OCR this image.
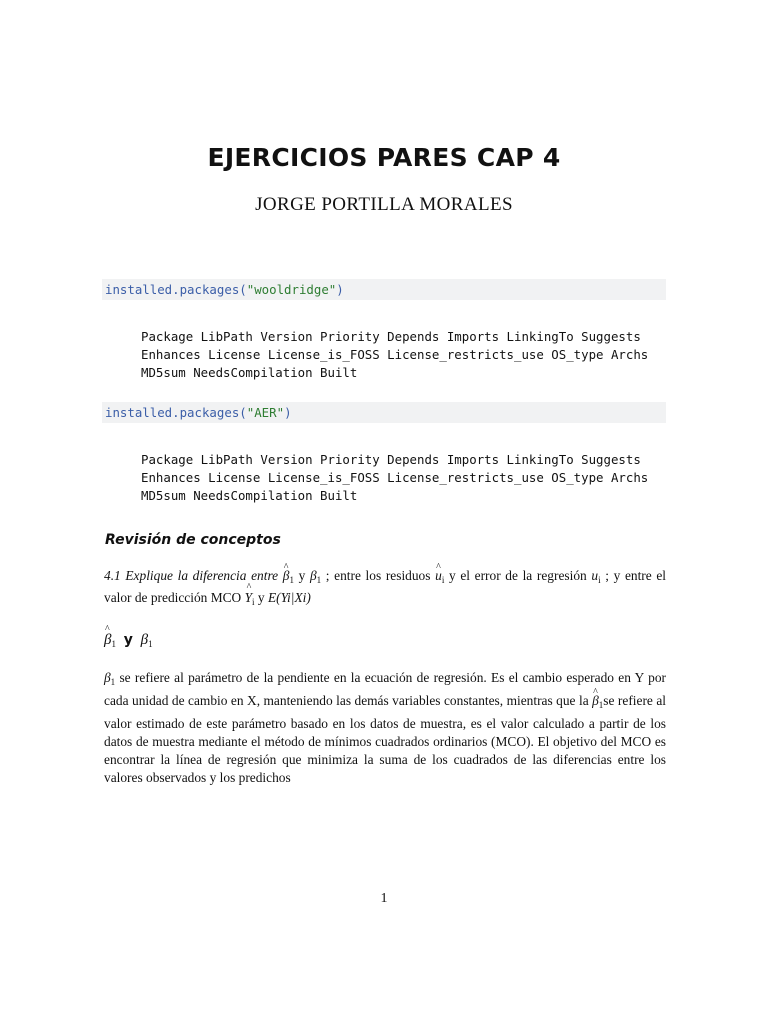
EJERCICIOS PARES CAP 4
JORGE PORTILLA MORALES
installed.packages("wooldridge")
Package LibPath Version Priority Depends Imports LinkingTo Suggests
Enhances License License_is_FOSS License_restricts_use OS_type Archs
MD5sum NeedsCompilation Built
installed.packages("AER")
Package LibPath Version Priority Depends Imports LinkingTo Suggests
Enhances License License_is_FOSS License_restricts_use OS_type Archs
MD5sum NeedsCompilation Built
Revisión de conceptos
4.1 Explique la diferencia entre ^ $\beta_1$ y $\beta_1$ ; entre los residuos ^ $u_i$ y el error de la regresión $u_i$ ; y entre el valor de predicción MCO ^ $Y_i$ y E(Yi|Xi)
^ $\beta_1$ y $\beta_1$
$\beta_1$ se refiere al parámetro de la pendiente en la ecuación de regresión. Es el cambio esperado en Y por cada unidad de cambio en X, manteniendo las demás variables constantes, mientras que la ^ $\beta_1se$ refiere al valor estimado de este parámetro basado en los datos de muestra, es el valor calculado a partir de los datos de muestra mediante el método de mínimos cuadrados ordinarios (MCO). El objetivo del MCO es encontrar la línea de regresión que minimiza la suma de los cuadrados de las diferencias entre los valores observados y los predichos
1
